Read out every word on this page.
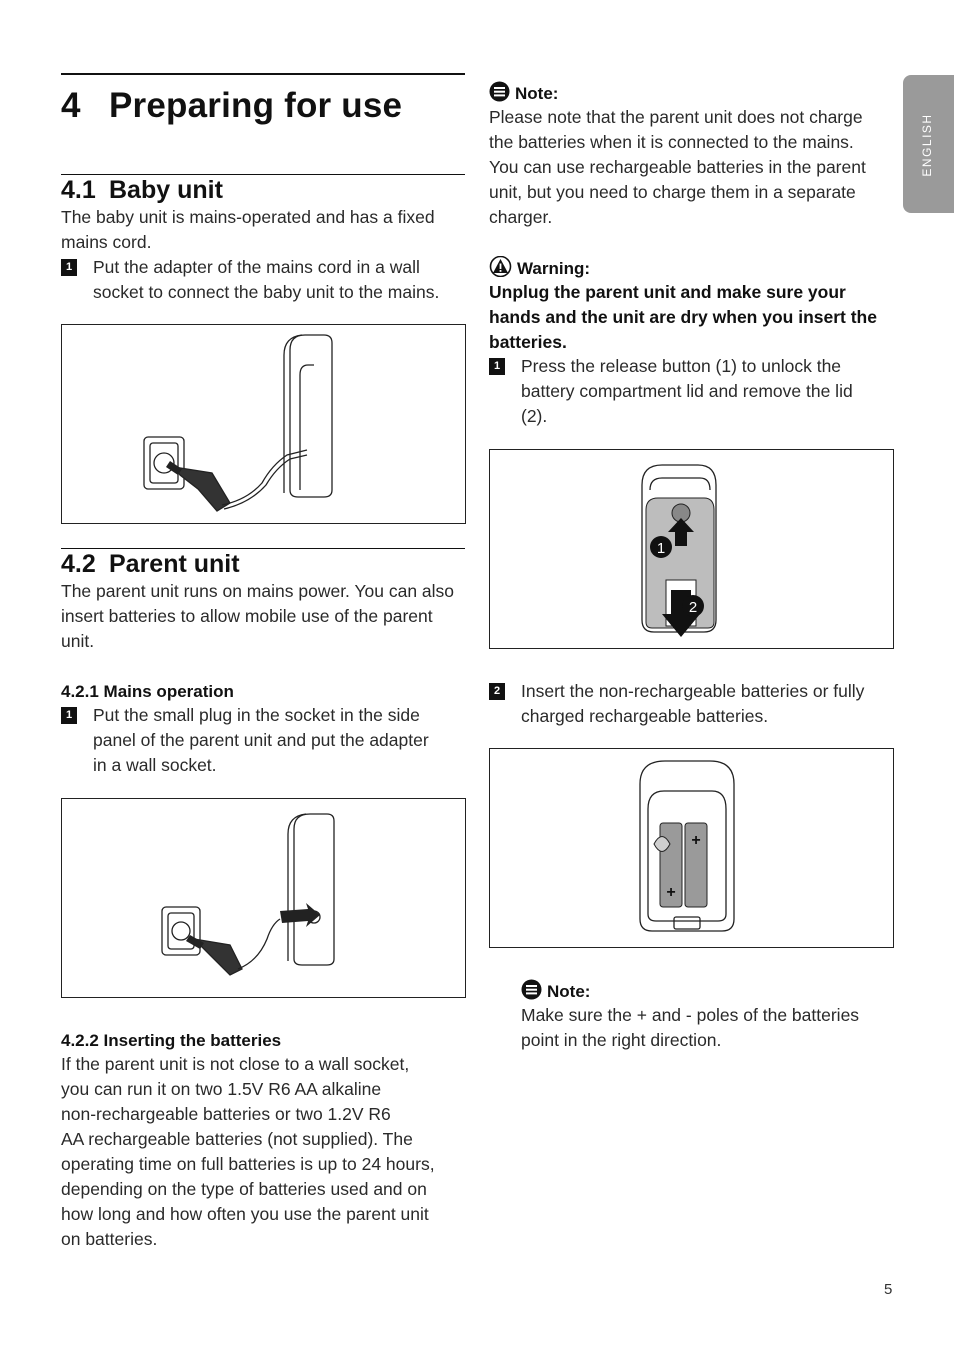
4 Preparing for use
4.1 Baby unit
The baby unit is mains-operated and has a fixed
mains cord.
1 Put the adapter of the mains cord in a wall
socket to connect the baby unit to the mains.
4.2 Parent unit
The parent unit runs on mains power. You can also
insert batteries to allow mobile use of the parent
unit.
4.2.1 Mains operation
1 Put the small plug in the socket in the side
panel of the parent unit and put the adapter
in a wall socket.
4.2.2 Inserting the batteries
If the parent unit is not close to a wall socket,
you can run it on two 1.5V R6 AA alkaline
non-rechargeable batteries or two 1.2V R6
AA rechargeable batteries (not supplied). The
operating time on full batteries is up to 24 hours,
depending on the type of batteries used and on
how long and how often you use the parent unit
on batteries.
Note:
Please note that the parent unit does not charge
the batteries when it is connected to the mains.
You can use rechargeable batteries in the parent
unit, but you need to charge them in a separate
charger.
Warning:
Unplug the parent unit and make sure your
hands and the unit are dry when you insert the
batteries.
1 Press the release button (1) to unlock the
battery compartment lid and remove the lid
(2).
1
2
2 Insert the non-rechargeable batteries or fully
charged rechargeable batteries.
+
+
Note:
Make sure the + and - poles of the batteries
point in the right direction.
ENGLISH
5
